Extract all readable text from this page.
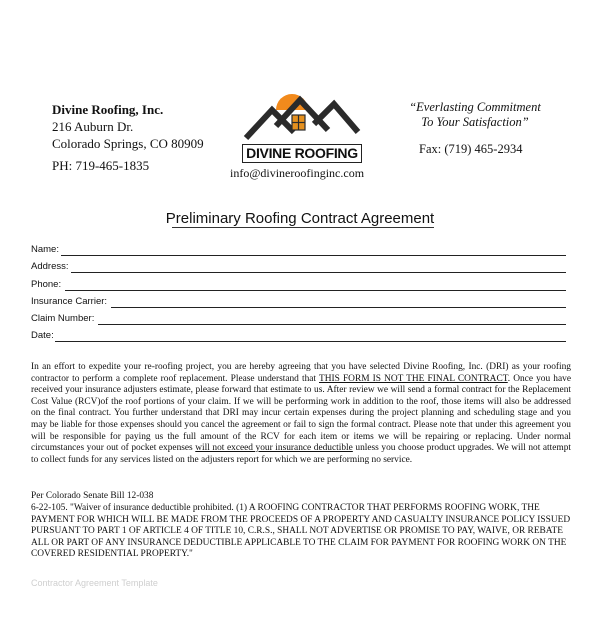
Divine Roofing, Inc.
216 Auburn Dr.
Colorado Springs, CO 80909
PH: 719-465-1835
DIVINE ROOFING
info@divineroofinginc.com
“Everlasting Commitment
To Your Satisfaction”
Fax: (719) 465-2934
Preliminary Roofing Contract Agreement
Name:
Address:
Phone:
Insurance Carrier:
Claim Number:
Date:
In an effort to expedite your re-roofing project, you are hereby agreeing that you have selected Divine Roofing, Inc. (DRI) as your roofing contractor to perform a complete roof replacement. Please understand that THIS FORM IS NOT THE FINAL CONTRACT. Once you have received your insurance adjusters estimate, please forward that estimate to us. After review we will send a formal contract for the Replacement Cost Value (RCV)of the roof portions of your claim. If we will be performing work in addition to the roof, those items will also be addressed on the final contract. You further understand that DRI may incur certain expenses during the project planning and scheduling stage and you may be liable for those expenses should you cancel the agreement or fail to sign the formal contract. Please note that under this agreement you will be responsible for paying us the full amount of the RCV for each item or items we will be repairing or replacing. Under normal circumstances your out of pocket expenses will not exceed your insurance deductible unless you choose product upgrades. We will not attempt to collect funds for any services listed on the adjusters report for which we are performing no service.
Per Colorado Senate Bill 12-038
6-22-105. "Waiver of insurance deductible prohibited. (1) A ROOFING CONTRACTOR THAT PERFORMS ROOFING WORK, THE PAYMENT FOR WHICH WILL BE MADE FROM THE PROCEEDS OF A PROPERTY AND CASUALTY INSURANCE POLICY ISSUED PURSUANT TO PART 1 OF ARTICLE 4 OF TITLE 10, C.R.S., SHALL NOT ADVERTISE OR PROMISE TO PAY, WAIVE, OR REBATE ALL OR PART OF ANY INSURANCE DEDUCTIBLE APPLICABLE TO THE CLAIM FOR PAYMENT FOR ROOFING WORK ON THE COVERED RESIDENTIAL PROPERTY."
Contractor Agreement Template
